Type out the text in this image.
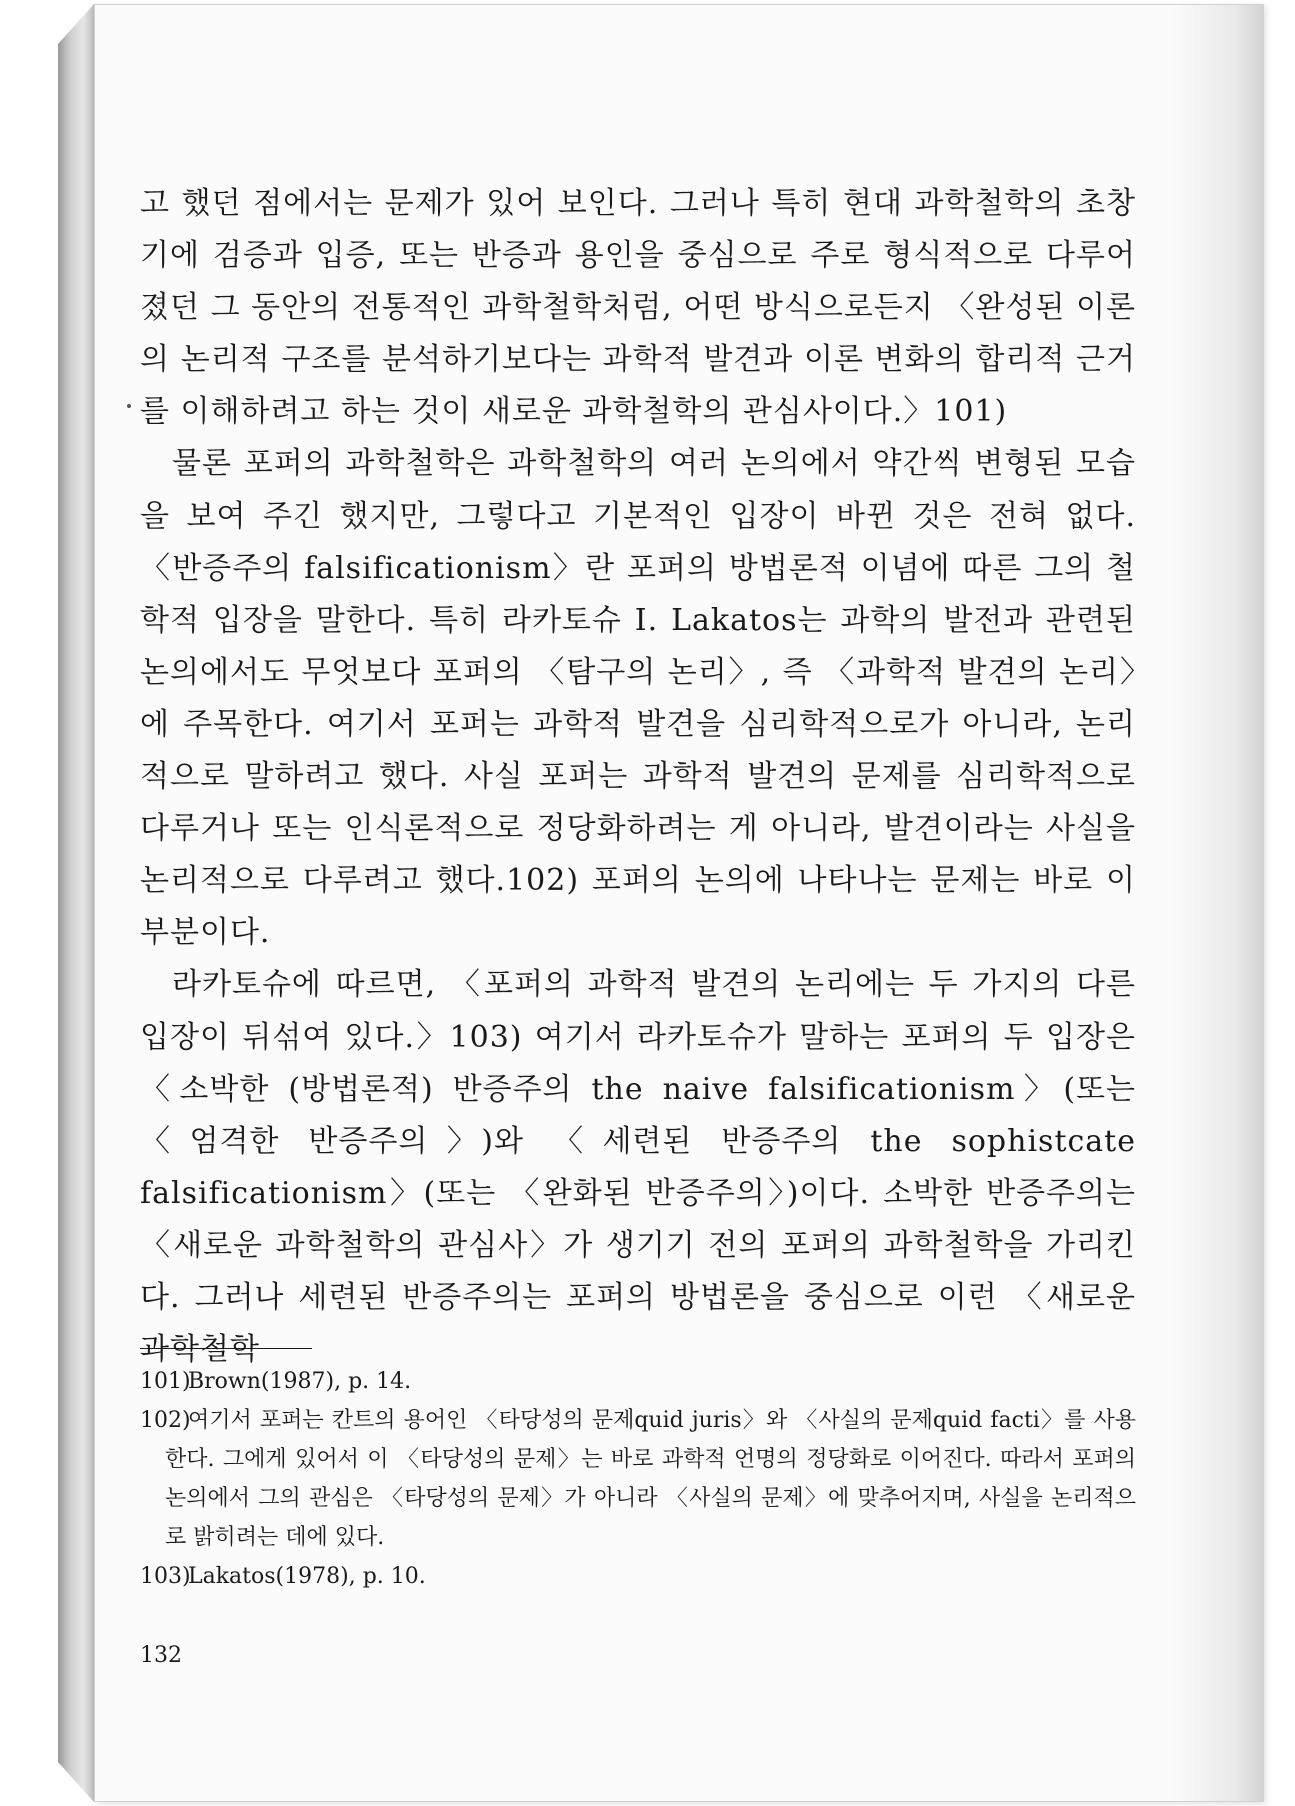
고 했던 점에서는 문제가 있어 보인다. 그러나 특히 현대 과학철학의 초창기에 검증과 입증, 또는 반증과 용인을 중심으로 주로 형식적으로 다루어졌던 그 동안의 전통적인 과학철학처럼, 어떤 방식으로든지 〈완성된 이론의 논리적 구조를 분석하기보다는 과학적 발견과 이론 변화의 합리적 근거를 이해하려고 하는 것이 새로운 과학철학의 관심사이다.〉101)

물론 포퍼의 과학철학은 과학철학의 여러 논의에서 약간씩 변형된 모습을 보여 주긴 했지만, 그렇다고 기본적인 입장이 바뀐 것은 전혀 없다. 〈반증주의 falsificationism〉란 포퍼의 방법론적 이념에 따른 그의 철학적 입장을 말한다. 특히 라카토슈 I. Lakatos는 과학의 발전과 관련된 논의에서도 무엇보다 포퍼의 〈탐구의 논리〉, 즉 〈과학적 발견의 논리〉에 주목한다. 여기서 포퍼는 과학적 발견을 심리학적으로가 아니라, 논리적으로 말하려고 했다. 사실 포퍼는 과학적 발견의 문제를 심리학적으로 다루거나 또는 인식론적으로 정당화하려는 게 아니라, 발견이라는 사실을 논리적으로 다루려고 했다.102) 포퍼의 논의에 나타나는 문제는 바로 이 부분이다.

라카토슈에 따르면, 〈포퍼의 과학적 발견의 논리에는 두 가지의 다른 입장이 뒤섞여 있다.〉103) 여기서 라카토슈가 말하는 포퍼의 두 입장은 〈소박한 (방법론적) 반증주의 the naive falsificationism〉(또는 〈엄격한 반증주의〉)와 〈세련된 반증주의 the sophistcate falsificationism〉(또는 〈완화된 반증주의〉)이다. 소박한 반증주의는 〈새로운 과학철학의 관심사〉가 생기기 전의 포퍼의 과학철학을 가리킨다. 그러나 세련된 반증주의는 포퍼의 방법론을 중심으로 이런 〈새로운 과학철학

101)Brown(1987), p. 14.

102)여기서 포퍼는 칸트의 용어인 〈타당성의 문제quid juris〉와 〈사실의 문제quid facti〉를 사용한다. 그에게 있어서 이 〈타당성의 문제〉는 바로 과학적 언명의 정당화로 이어진다. 따라서 포퍼의 논의에서 그의 관심은 〈타당성의 문제〉가 아니라 〈사실의 문제〉에 맞추어지며, 사실을 논리적으로 밝히려는 데에 있다.

103)Lakatos(1978), p. 10.

132
